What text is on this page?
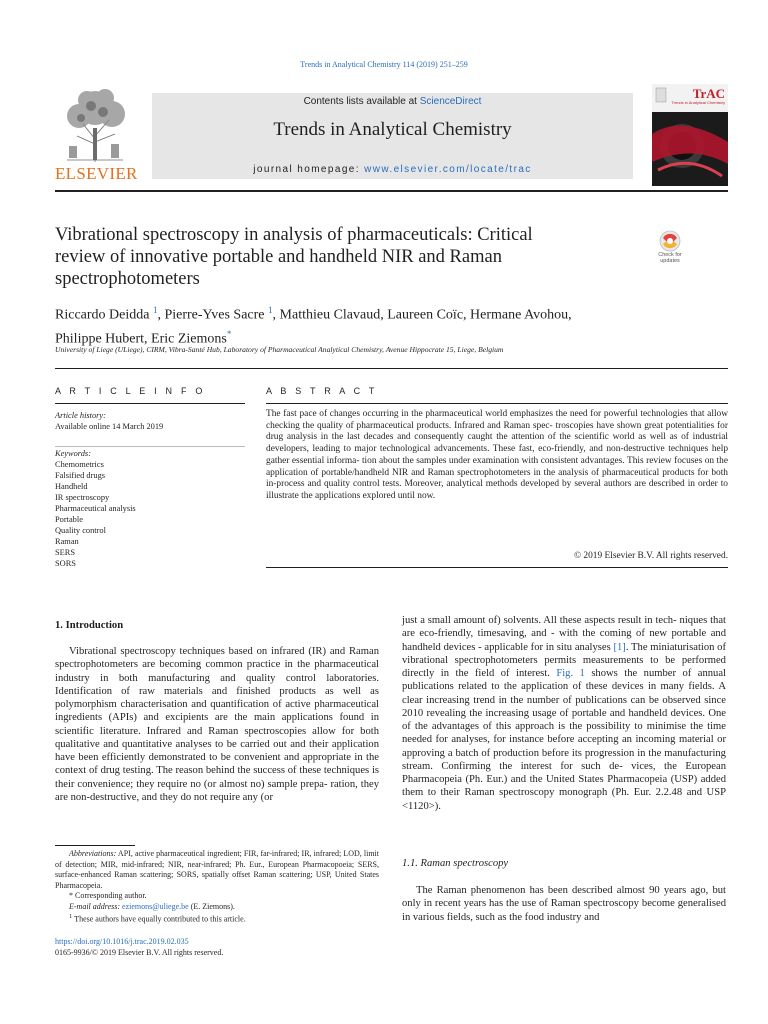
Trends in Analytical Chemistry 114 (2019) 251–259
ELSEVIER
Contents lists available at ScienceDirect
Trends in Analytical Chemistry
journal homepage: www.elsevier.com/locate/trac
TrAC
Trends in Analytical Chemistry
Vibrational spectroscopy in analysis of pharmaceuticals: Critical
review of innovative portable and handheld NIR and Raman
spectrophotometers
Check for
updates
Riccardo Deidda $^1$, Pierre-Yves Sacre $^1$, Matthieu Clavaud, Laureen Coïc, Hermane Avohou,
Philippe Hubert, Eric Ziemons*
University of Liege (ULiege), CIRM, Vibra-Santé Hub, Laboratory of Pharmaceutical Analytical Chemistry, Avenue Hippocrate 15, Liege, Belgium
A R T I C L E I N F O
Article history:
Available online 14 March 2019
Keywords:
Chemometrics
Falsified drugs
Handheld
IR spectroscopy
Pharmaceutical analysis
Portable
Quality control
Raman
SERS
SORS
A B S T R A C T
The fast pace of changes occurring in the pharmaceutical world emphasizes the need for powerful technologies that allow checking the quality of pharmaceutical products. Infrared and Raman spec- troscopies have shown great potentialities for drug analysis in the last decades and consequently caught the attention of the scientific world as well as of industrial developers, leading to major technological advancements. These fast, eco-friendly, and non-destructive techniques help gather essential informa- tion about the samples under examination with consistent advantages. This review focuses on the application of portable/handheld NIR and Raman spectrophotometers in the analysis of pharmaceutical products for both in-process and quality control tests. Moreover, analytical methods developed by several authors are described in order to illustrate the applications explored until now.
© 2019 Elsevier B.V. All rights reserved.
1. Introduction

Vibrational spectroscopy techniques based on infrared (IR) and Raman spectrophotometers are becoming common practice in the pharmaceutical industry in both manufacturing and quality control laboratories. Identification of raw materials and finished products as well as polymorphism characterisation and quantification of active pharmaceutical ingredients (APIs) and excipients are the main applications found in scientific literature. Infrared and Raman spectroscopies allow for both qualitative and quantitative analyses to be carried out and their application have been efficiently demonstrated to be convenient and appropriate in the context of drug testing. The reason behind the success of these techniques is their convenience; they require no (or almost no) sample prepa- ration, they are non-destructive, and they do not require any (or

just a small amount of) solvents. All these aspects result in tech- niques that are eco-friendly, timesaving, and - with the coming of new portable and handheld devices - applicable for in situ analyses [1]. The miniaturisation of vibrational spectrophotometers permits measurements to be performed directly in the field of interest. Fig. 1 shows the number of annual publications related to the application of these devices in many fields. A clear increasing trend in the number of publications can be observed since 2010 revealing the increasing usage of portable and handheld devices. One of the advantages of this approach is the possibility to minimise the time needed for analyses, for instance before accepting an incoming material or approving a batch of production before its progression in the manufacturing stream. Confirming the interest for such de- vices, the European Pharmacopeia (Ph. Eur.) and the United States Pharmacopeia (USP) added them to their Raman spectroscopy monograph (Ph. Eur. 2.2.48 and USP <1120>).

1.1. Raman spectroscopy

The Raman phenomenon has been described almost 90 years ago, but only in recent years has the use of Raman spectroscopy become generalised in various fields, such as the food industry and

Abbreviations: API, active pharmaceutical ingredient; FIR, far-infrared; IR, infrared; LOD, limit of detection; MIR, mid-infrared; NIR, near-infrared; Ph. Eur., European Pharmacopoeia; SERS, surface-enhanced Raman scattering; SORS, spatially offset Raman scattering; USP, United States Pharmacopeia.

* Corresponding author.

E-mail address: eziemons@uliege.be (E. Ziemons).

$^1$ These authors have equally contributed to this article.

https://doi.org/10.1016/j.trac.2019.02.035
0165-9936/© 2019 Elsevier B.V. All rights reserved.
